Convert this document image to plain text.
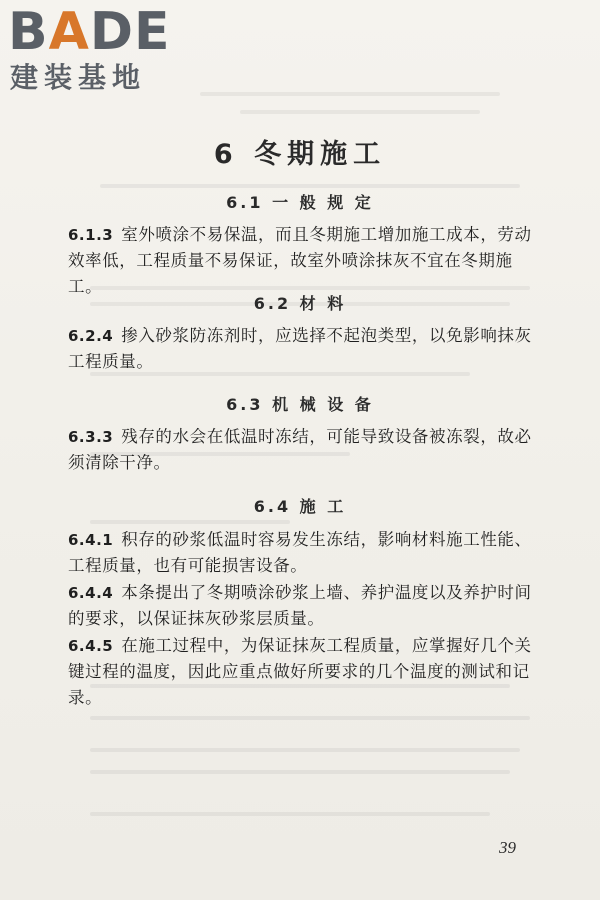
BADE
建装基地
6 冬期施工
6.1 一 般 规 定
6.1.3 室外喷涂不易保温，而且冬期施工增加施工成本，劳动效率低，工程质量不易保证，故室外喷涂抹灰不宜在冬期施工。
6.2 材 料
6.2.4 掺入砂浆防冻剂时，应选择不起泡类型，以免影响抹灰工程质量。
6.3 机 械 设 备
6.3.3 残存的水会在低温时冻结，可能导致设备被冻裂，故必须清除干净。
6.4 施 工
6.4.1 积存的砂浆低温时容易发生冻结，影响材料施工性能、工程质量，也有可能损害设备。
6.4.4 本条提出了冬期喷涂砂浆上墙、养护温度以及养护时间的要求，以保证抹灰砂浆层质量。
6.4.5 在施工过程中，为保证抹灰工程质量，应掌握好几个关键过程的温度，因此应重点做好所要求的几个温度的测试和记录。
39
